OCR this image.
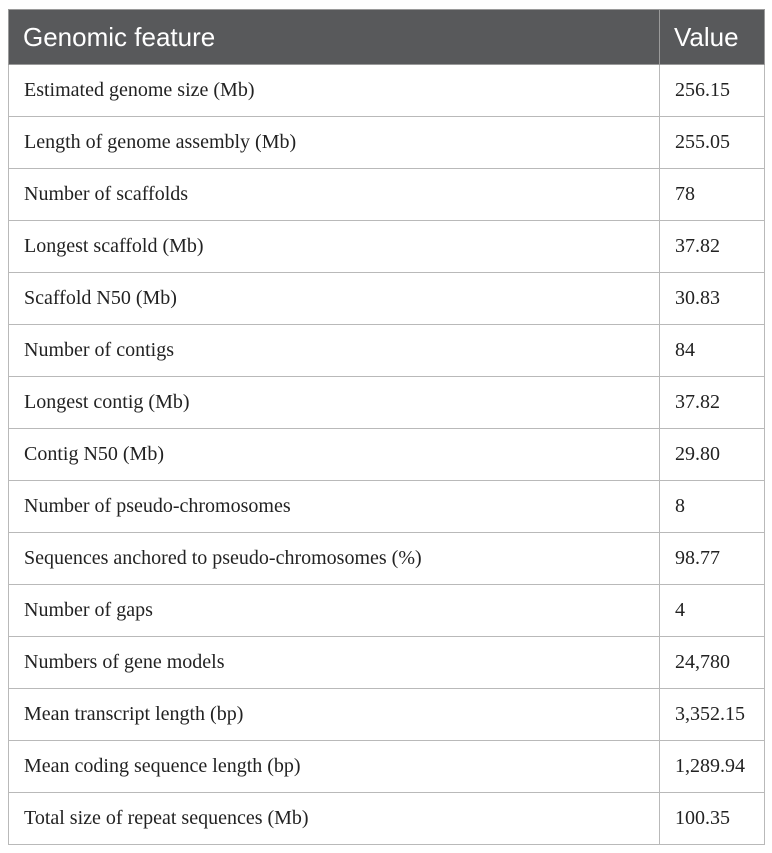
Genomic feature	Value
Estimated genome size (Mb)	256.15
Length of genome assembly (Mb)	255.05
Number of scaffolds	78
Longest scaffold (Mb)	37.82
Scaffold N50 (Mb)	30.83
Number of contigs	84
Longest contig (Mb)	37.82
Contig N50 (Mb)	29.80
Number of pseudo-chromosomes	8
Sequences anchored to pseudo-chromosomes (%)	98.77
Number of gaps	4
Numbers of gene models	24,780
Mean transcript length (bp)	3,352.15
Mean coding sequence length (bp)	1,289.94
Total size of repeat sequences (Mb)	100.35
